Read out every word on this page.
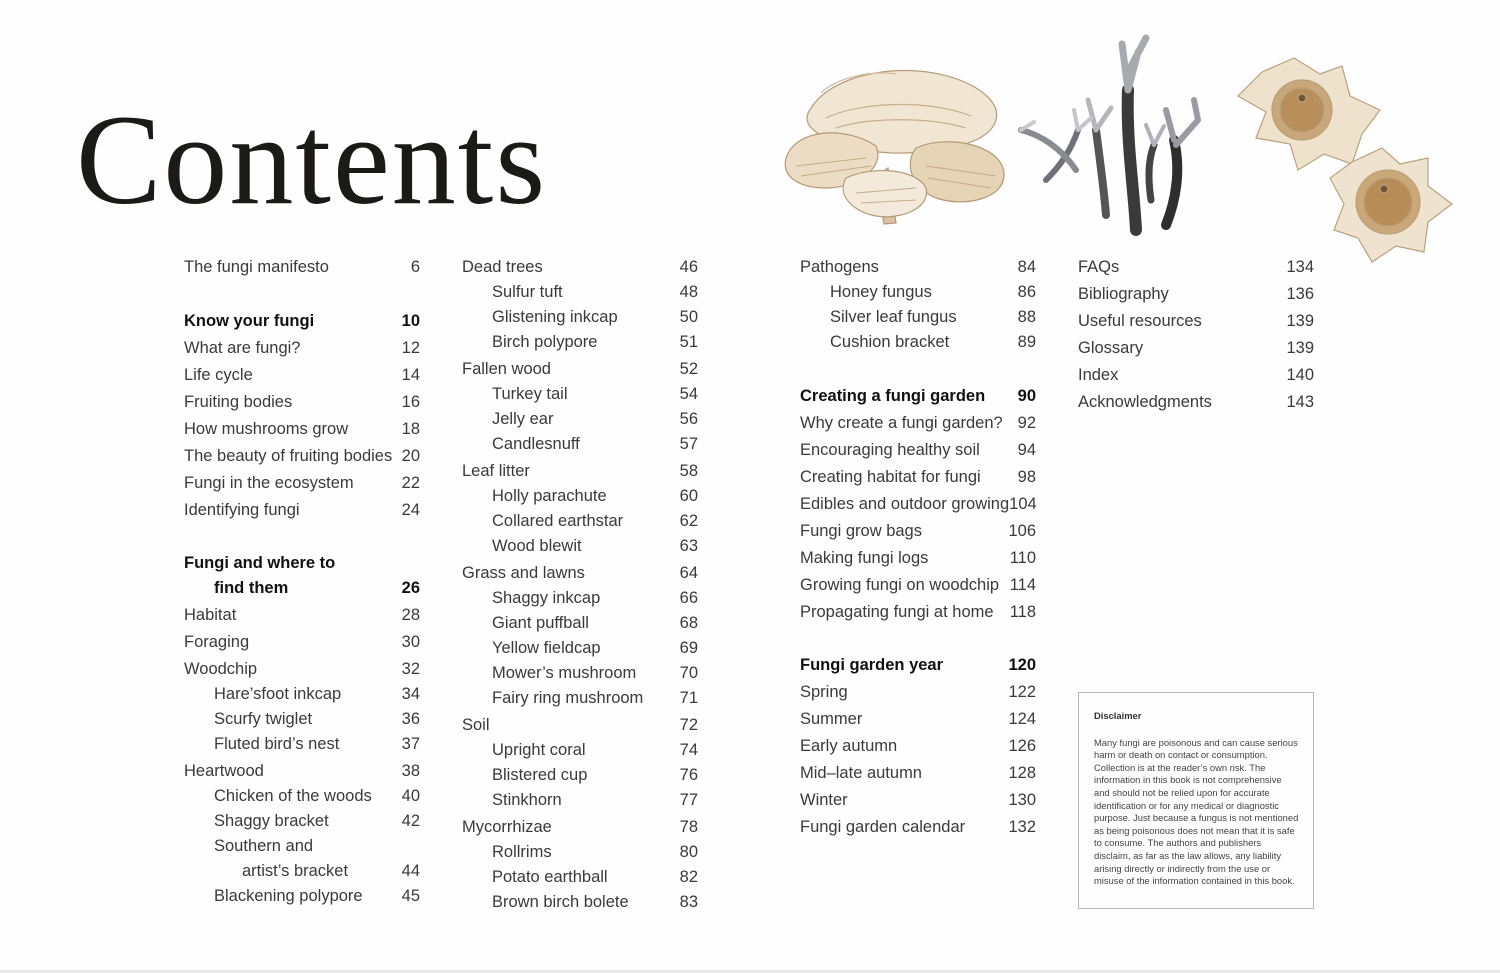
Contents
The fungi manifesto	6
Know your fungi	10
What are fungi?	12
Life cycle	14
Fruiting bodies	16
How mushrooms grow	18
The beauty of fruiting bodies 20
Fungi in the ecosystem	22
Identifying fungi	24
Fungi and where to
find them	26
Habitat	28
Foraging	30
Woodchip	32
Hare’sfoot inkcap	34
Scurfy twiglet	36
Fluted bird’s nest	37
Heartwood	38
Chicken of the woods 40
Shaggy bracket	42
Southern and
artist’s bracket	44
Blackening polypore 45
Dead trees	46
Sulfur tuft	48
Glistening inkcap	50
Birch polypore	51
Fallen wood	52
Turkey tail	54
Jelly ear	56
Candlesnuff	57
Leaf litter	58
Holly parachute	60
Collared earthstar	62
Wood blewit	63
Grass and lawns	64
Shaggy inkcap	66
Giant puffball	68
Yellow fieldcap	69
Mower’s mushroom	70
Fairy ring mushroom 71
Soil	72
Upright coral	74
Blistered cup	76
Stinkhorn	77
Mycorrhizae	78
Rollrims	80
Potato earthball	82
Brown birch bolete	83
Pathogens	84
Honey fungus	86
Silver leaf fungus	88
Cushion bracket	89
Creating a fungi garden 90
Why create a fungi garden? 92
Encouraging healthy soil 94
Creating habitat for fungi 98
Edibles and outdoor growing 104
Fungi grow bags	106
Making fungi logs	110
Growing fungi on woodchip 114
Propagating fungi at home 118
Fungi garden year	120
Spring	122
Summer	124
Early autumn	126
Mid–late autumn	128
Winter	130
Fungi garden calendar	132
FAQs	134
Bibliography	136
Useful resources	139
Glossary	139
Index	140
Acknowledgments	143
Disclaimer
Many fungi are poisonous and can cause serious harm or death on contact or consumption. Collection is at the reader’s own risk. The information in this book is not comprehensive and should not be relied upon for accurate identification or for any medical or diagnostic purpose. Just because a fungus is not mentioned as being poisonous does not mean that it is safe to consume. The authors and publishers disclaim, as far as the law allows, any liability arising directly or indirectly from the use or misuse of the information contained in this book.
